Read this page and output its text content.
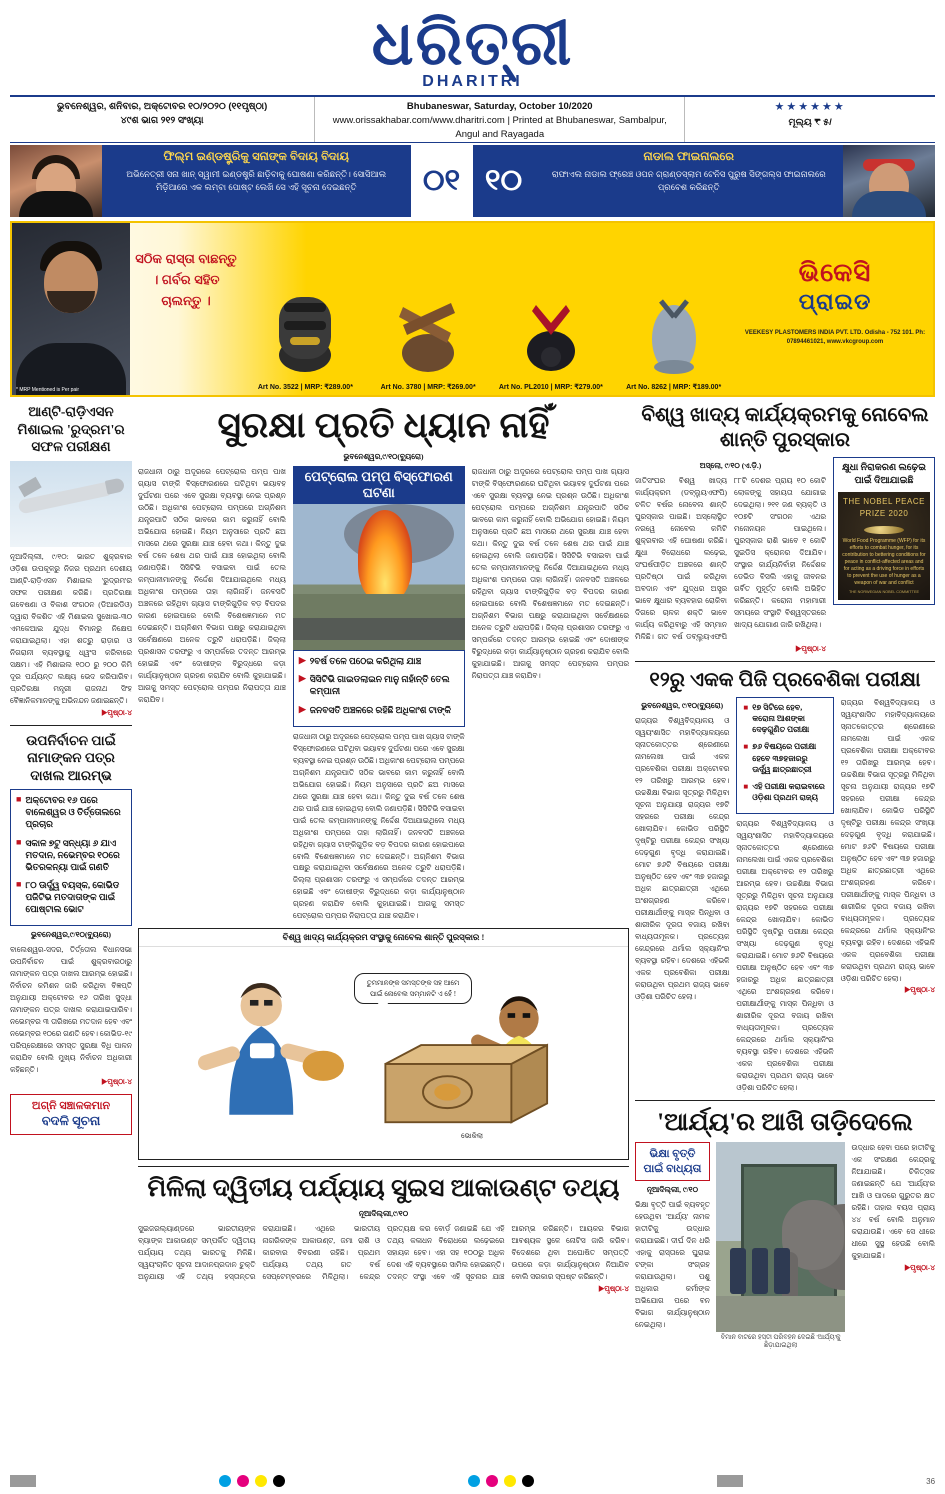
ଧରିତ୍ରୀ
DHARITRI
ଭୁବନେଶ୍ୱର, ଶନିବାର, ଅକ୍ଟୋବର ୧୦/୨୦୨୦ (୧୧ପୃଷ୍ଠା)
୪୯ଶ ଭାଗ ୨୧୨ ସଂଖ୍ୟା
Bhubaneswar, Saturday, October 10/2020
www.orissakhabar.com/www.dharitri.com | Printed at Bhubaneswar, Sambalpur, Angul and Rayagada
★★★★★★
ମୂଲ୍ୟ ₹ ୫/
ଫିଲ୍ମ ଇଣ୍ଡଷ୍ଟ୍ରିକୁ ସନାଙ୍କ ବିଦାୟ ବିଦାୟ
ଅଭିନେତ୍ରୀ ସନା ଖାନ୍ ସ୍ୱାମୀ ଇଣ୍ଡଷ୍ଟ୍ରି ଛାଡ଼ିବାକୁ ଘୋଷଣା କରିଛନ୍ତି। ସୋସିଆଲ ମିଡ଼ିଆରେ ଏକ ଲମ୍ବା ପୋଷ୍ଟ ଲେଖି ସେ ଏହି ସୂଚନା ଦେଇଛନ୍ତି	୦୧ ୧୦
ନାଡାଲ ଫାଇନାଲରେ
ରାଫାଏଲ ନାଡାଲ ଫ୍ରେଞ୍ଚ ଓପନ ଗ୍ରାଣ୍ଡସ୍ଲାମ ଟେନିସ ପୁରୁଷ ସିଙ୍ଗଲ୍ସ ଫାଇନାଲରେ ପ୍ରବେଶ କରିଛନ୍ତି
* MRP Mentioned is Per pair
ସଠିକ ରାସ୍ତା ବାଛନ୍ତୁ । ଗର୍ବର ସହିତ ଚାଲନ୍ତୁ ।
Art No. 3522 | MRP: ₹289.00*	Art No. 3780 | MRP: ₹269.00*	Art No. PL2010 | MRP: ₹279.00*	Art No. 8262 | MRP: ₹189.00*
ଭିକେସି
ପ୍ରାଇଡ
VEEKESY PLASTOMERS INDIA PVT. LTD. Odisha - 752 101. Ph: 07894461021, www.vkcgroup.com
ଆଣ୍ଟି-ରାଡ଼ିଏସନ ମିଶାଇଲ 'ରୁଦ୍ରମ'ର ସଫଳ ପରୀକ୍ଷଣ
ନୂଆଦିଲ୍ଲୀ, ୯/୧୦: ଭାରତ ଶୁକ୍ରବାର ଓଡ଼ିଶା ଉପକୂଳରୁ ନିଜର ପ୍ରଥମ ଦେଶୀୟ ଆଣ୍ଟି-ରାଡ଼ିଏସନ ମିଶାଇଲ 'ରୁଦ୍ରମ'ର ସଫଳ ପରୀକ୍ଷଣ କରିଛି। ପ୍ରତିରକ୍ଷା ଗବେଷଣା ଓ ବିକାଶ ସଂଗଠନ (ଡିଆରଡିଓ) ଦ୍ୱାରା ବିକଶିତ ଏହି ମିଶାଇଲ ସୁଖୋଇ-୩୦ ଏମକେଆଇ ଯୁଦ୍ଧ ବିମାନରୁ ନିକ୍ଷେପ କରାଯାଇଥିଲା। ଏହା ଶତ୍ରୁ ରାଡ଼ାର ଓ ନିଗରାନୀ ବ୍ୟବସ୍ଥାକୁ ଧ୍ୱଂସ କରିବାରେ ସକ୍ଷମ। ଏହି ମିଶାଇଲ ୧୦୦ ରୁ ୨୦୦ କିମି ଦୂର ପର୍ଯ୍ୟନ୍ତ ଲକ୍ଷ୍ୟ ଭେଦ କରିପାରିବ। ପ୍ରତିରକ୍ଷା ମନ୍ତ୍ରୀ ରାଜନାଥ ସିଂହ ବୈଜ୍ଞାନିକମାନଙ୍କୁ ଅଭିନନ୍ଦନ ଜଣାଇଛନ୍ତି।
▶ପୃଷ୍ଠା-୪
ଉପନିର୍ବାଚନ ପାଇଁ ନାମାଙ୍କନ ପତ୍ର ଦାଖଲ ଆରମ୍ଭ
■ ଅକ୍ଟୋବର ୧୬ ପରେ ବାଲେଶ୍ୱର ଓ ତିର୍ତ୍ତୋଲରେ ପ୍ରଚାର
■ ସକାଳ ୭ଟୁ ସନ୍ଧ୍ୟା ୬ ଯାଏ ମତଦାନ, ନଭେମ୍ବର ୧୦ରେ ଭିତରକନ୍ୟା ପାଇଁ ଗଣତି
■ ୮୦ ଊର୍ଦ୍ଧ୍ୱ ବୟସ୍କ, କୋଭିଡ ପଜିଟିଭ ମତଦାତାଙ୍କ ପାଇଁ ପୋଷ୍ଟାଲ ଭୋଟ
ଭୁବନେଶ୍ୱର,୯/୧୦(ବ୍ୟୁରୋ)
ବାଲେଶ୍ୱର-ସଦର, ତିର୍ତ୍ତୋଲ ବିଧାନସଭା ଉପନିର୍ବାଚନ ପାଇଁ ଶୁକ୍ରବାରଠାରୁ ନାମାଙ୍କନ ପତ୍ର ଦାଖଲ ଆରମ୍ଭ ହୋଇଛି। ନିର୍ବାଚନ କମିଶନ ଜାରି କରିଥିବା ବିଜ୍ଞପ୍ତି ଅନୁଯାୟୀ ଅକ୍ଟୋବର ୧୬ ତାରିଖ ସୁଦ୍ଧା ନାମାଙ୍କନ ପତ୍ର ଦାଖଲ କରାଯାଇପାରିବ। ନଭେମ୍ବର ୩ ତାରିଖରେ ମତଦାନ ହେବ ଏବଂ ନଭେମ୍ବର ୧୦ରେ ଗଣତି ହେବ। କୋଭିଡ-୧୯ ପରିପ୍ରେକ୍ଷୀରେ ସମସ୍ତ ସୁରକ୍ଷା ବିଧି ପାଳନ କରାଯିବ ବୋଲି ମୁଖ୍ୟ ନିର୍ବାଚନ ଅଧିକାରୀ କହିଛନ୍ତି।
▶ପୃଷ୍ଠା-୪
ଅଗ୍ନି ସଞ୍ଚାଳକମାନ
ବଦଳି ସୂଚନା
ସୁରକ୍ଷା ପ୍ରତି ଧ୍ୟାନ ନାହିଁ
ଭୁବନେଶ୍ୱର,୯/୧୦(ବ୍ୟୁରୋ)
ରାଜଧାନୀ ଠାରୁ ଅଦୂରରେ ପେଟ୍ରୋଲ ପମ୍ପ ପାଖ ଗ୍ୟାସ ଟାଙ୍କି ବିସ୍ଫୋରଣରେ ଘଟିଥିବା ଭୟାବହ ଦୁର୍ଘଟଣା ପରେ ଏବେ ସୁରକ୍ଷା ବ୍ୟବସ୍ଥା ନେଇ ପ୍ରଶ୍ନ ଉଠିଛି। ଅଧିକାଂଶ ପେଟ୍ରୋଲ ପମ୍ପରେ ଅଗ୍ନିଶମ ଯନ୍ତ୍ରପାତି ସଠିକ ଭାବରେ କାମ କରୁନାହିଁ ବୋଲି ଅଭିଯୋଗ ହୋଇଛି। ନିୟମ ଅନୁସାରେ ପ୍ରତି ଛଅ ମାସରେ ଥରେ ସୁରକ୍ଷା ଯାଞ୍ଚ ହେବା କଥା। କିନ୍ତୁ ଦୁଇ ବର୍ଷ ତଳେ ଶେଷ ଥର ପାଇଁ ଯାଞ୍ଚ ହୋଇଥିଲା ବୋଲି ଜଣାପଡ଼ିଛି। ସିସିଟିଭି ବସାଇବା ପାଇଁ ତେଲ କମ୍ପାନୀମାନଙ୍କୁ ନିର୍ଦ୍ଦେଶ ଦିଆଯାଇଥିଲେ ମଧ୍ୟ ଅଧିକାଂଶ ପମ୍ପରେ ତାହା ଲାଗିନାହିଁ। ଜନବସତି ଅଞ୍ଚଳରେ ରହିଥିବା ଗ୍ୟାସ ଟାଙ୍କିଗୁଡ଼ିକ ବଡ଼ ବିପଦର କାରଣ ହୋଇପାରେ ବୋଲି ବିଶେଷଜ୍ଞମାନେ ମତ ଦେଇଛନ୍ତି। ଅଗ୍ନିଶମ ବିଭାଗ ପକ୍ଷରୁ କରାଯାଇଥିବା ସର୍ବେକ୍ଷଣରେ ଅନେକ ତ୍ରୁଟି ଧରାପଡ଼ିଛି। ଜିଲ୍ଲା ପ୍ରଶାସନ ତରଫରୁ ଏ ସମ୍ପର୍କରେ ତଦନ୍ତ ଆରମ୍ଭ ହୋଇଛି ଏବଂ ଦୋଷୀଙ୍କ ବିରୁଦ୍ଧରେ କଡ଼ା କାର୍ଯ୍ୟାନୁଷ୍ଠାନ ଗ୍ରହଣ କରାଯିବ ବୋଲି କୁହାଯାଇଛି। ଆଗକୁ ସମସ୍ତ ପେଟ୍ରୋଲ ପମ୍ପର ନିରାପତ୍ତା ଯାଞ୍ଚ କରାଯିବ।
ପେଟ୍ରୋଲ ପମ୍ପ ବିସ୍ଫୋରଣ ଘଟଣା
▶ ୨ବର୍ଷ ତଳେ ପଠେଇ କରିଥିଲା ଯାଞ୍ଚ
▶ ସିସିଟିଭି ଗାଇଡଲାଇନ ମାନୁ ନାହାଁନ୍ତି ତେଲ କମ୍ପାନୀ
▶ ଜନବସତି ଅଞ୍ଚଳରେ ରହିଛି ଅଧିକାଂଶ ଟାଙ୍କି
ରାଜଧାନୀ ଠାରୁ ଅଦୂରରେ ପେଟ୍ରୋଲ ପମ୍ପ ପାଖ ଗ୍ୟାସ ଟାଙ୍କି ବିସ୍ଫୋରଣରେ ଘଟିଥିବା ଭୟାବହ ଦୁର୍ଘଟଣା ପରେ ଏବେ ସୁରକ୍ଷା ବ୍ୟବସ୍ଥା ନେଇ ପ୍ରଶ୍ନ ଉଠିଛି। ଅଧିକାଂଶ ପେଟ୍ରୋଲ ପମ୍ପରେ ଅଗ୍ନିଶମ ଯନ୍ତ୍ରପାତି ସଠିକ ଭାବରେ କାମ କରୁନାହିଁ ବୋଲି ଅଭିଯୋଗ ହୋଇଛି। ନିୟମ ଅନୁସାରେ ପ୍ରତି ଛଅ ମାସରେ ଥରେ ସୁରକ୍ଷା ଯାଞ୍ଚ ହେବା କଥା। କିନ୍ତୁ ଦୁଇ ବର୍ଷ ତଳେ ଶେଷ ଥର ପାଇଁ ଯାଞ୍ଚ ହୋଇଥିଲା ବୋଲି ଜଣାପଡ଼ିଛି। ସିସିଟିଭି ବସାଇବା ପାଇଁ ତେଲ କମ୍ପାନୀମାନଙ୍କୁ ନିର୍ଦ୍ଦେଶ ଦିଆଯାଇଥିଲେ ମଧ୍ୟ ଅଧିକାଂଶ ପମ୍ପରେ ତାହା ଲାଗିନାହିଁ। ଜନବସତି ଅଞ୍ଚଳରେ ରହିଥିବା ଗ୍ୟାସ ଟାଙ୍କିଗୁଡ଼ିକ ବଡ଼ ବିପଦର କାରଣ ହୋଇପାରେ ବୋଲି ବିଶେଷଜ୍ଞମାନେ ମତ ଦେଇଛନ୍ତି। ଅଗ୍ନିଶମ ବିଭାଗ ପକ୍ଷରୁ କରାଯାଇଥିବା ସର୍ବେକ୍ଷଣରେ ଅନେକ ତ୍ରୁଟି ଧରାପଡ଼ିଛି। ଜିଲ୍ଲା ପ୍ରଶାସନ ତରଫରୁ ଏ ସମ୍ପର୍କରେ ତଦନ୍ତ ଆରମ୍ଭ ହୋଇଛି ଏବଂ ଦୋଷୀଙ୍କ ବିରୁଦ୍ଧରେ କଡ଼ା କାର୍ଯ୍ୟାନୁଷ୍ଠାନ ଗ୍ରହଣ କରାଯିବ ବୋଲି କୁହାଯାଇଛି। ଆଗକୁ ସମସ୍ତ ପେଟ୍ରୋଲ ପମ୍ପର ନିରାପତ୍ତା ଯାଞ୍ଚ କରାଯିବ।
ରାଜଧାନୀ ଠାରୁ ଅଦୂରରେ ପେଟ୍ରୋଲ ପମ୍ପ ପାଖ ଗ୍ୟାସ ଟାଙ୍କି ବିସ୍ଫୋରଣରେ ଘଟିଥିବା ଭୟାବହ ଦୁର୍ଘଟଣା ପରେ ଏବେ ସୁରକ୍ଷା ବ୍ୟବସ୍ଥା ନେଇ ପ୍ରଶ୍ନ ଉଠିଛି। ଅଧିକାଂଶ ପେଟ୍ରୋଲ ପମ୍ପରେ ଅଗ୍ନିଶମ ଯନ୍ତ୍ରପାତି ସଠିକ ଭାବରେ କାମ କରୁନାହିଁ ବୋଲି ଅଭିଯୋଗ ହୋଇଛି। ନିୟମ ଅନୁସାରେ ପ୍ରତି ଛଅ ମାସରେ ଥରେ ସୁରକ୍ଷା ଯାଞ୍ଚ ହେବା କଥା। କିନ୍ତୁ ଦୁଇ ବର୍ଷ ତଳେ ଶେଷ ଥର ପାଇଁ ଯାଞ୍ଚ ହୋଇଥିଲା ବୋଲି ଜଣାପଡ଼ିଛି। ସିସିଟିଭି ବସାଇବା ପାଇଁ ତେଲ କମ୍ପାନୀମାନଙ୍କୁ ନିର୍ଦ୍ଦେଶ ଦିଆଯାଇଥିଲେ ମଧ୍ୟ ଅଧିକାଂଶ ପମ୍ପରେ ତାହା ଲାଗିନାହିଁ। ଜନବସତି ଅଞ୍ଚଳରେ ରହିଥିବା ଗ୍ୟାସ ଟାଙ୍କିଗୁଡ଼ିକ ବଡ଼ ବିପଦର କାରଣ ହୋଇପାରେ ବୋଲି ବିଶେଷଜ୍ଞମାନେ ମତ ଦେଇଛନ୍ତି। ଅଗ୍ନିଶମ ବିଭାଗ ପକ୍ଷରୁ କରାଯାଇଥିବା ସର୍ବେକ୍ଷଣରେ ଅନେକ ତ୍ରୁଟି ଧରାପଡ଼ିଛି। ଜିଲ୍ଲା ପ୍ରଶାସନ ତରଫରୁ ଏ ସମ୍ପର୍କରେ ତଦନ୍ତ ଆରମ୍ଭ ହୋଇଛି ଏବଂ ଦୋଷୀଙ୍କ ବିରୁଦ୍ଧରେ କଡ଼ା କାର୍ଯ୍ୟାନୁଷ୍ଠାନ ଗ୍ରହଣ କରାଯିବ ବୋଲି କୁହାଯାଇଛି। ଆଗକୁ ସମସ୍ତ ପେଟ୍ରୋଲ ପମ୍ପର ନିରାପତ୍ତା ଯାଞ୍ଚ କରାଯିବ।
ବିଶ୍ୱ ଖାଦ୍ୟ କାର୍ଯ୍ୟକ୍ରମ ସଂସ୍ଥାକୁ ନୋବେଲ ଶାନ୍ତି ପୁରସ୍କାର !
ତୁମମାନଙ୍କ ସମସ୍ତଙ୍କ ସହ ଆମେ ପାଇଁ ନୋବେଲ ସମ୍ମାନଟି ଏ ହେଁ !
ଭୋକିଲା
ମିଳିଲା ଦ୍ୱିତୀୟ ପର୍ଯ୍ୟାୟ ସୁଇସ ଆକାଉଣ୍ଟ ତଥ୍ୟ
ନୂଆଦିଲ୍ଲୀ,୯/୧୦
ସୁଇଜରଲ୍ୟାଣ୍ଡରେ ଭାରତୀୟଙ୍କ ବ୍ୟାଙ୍କ ଆକାଉଣ୍ଟ ସମ୍ପର୍କିତ ଦ୍ୱିତୀୟ ପର୍ଯ୍ୟାୟ ତଥ୍ୟ ଭାରତକୁ ମିଳିଛି। ସ୍ୱୟଂଚାଳିତ ସୂଚନା ଆଦାନପ୍ରଦାନ ଚୁକ୍ତି ଅନୁଯାୟୀ ଏହି ତଥ୍ୟ ହସ୍ତାନ୍ତର କରାଯାଇଛି। ଏଥିରେ ଭାରତୀୟ ନାଗରିକଙ୍କ ଆକାଉଣ୍ଟ, ଜମା ରାଶି ଓ କାରବାର ବିବରଣୀ ରହିଛି। ପ୍ରଥମ ପର୍ଯ୍ୟାୟ ତଥ୍ୟ ଗତ ବର୍ଷ ସେପ୍ଟେମ୍ବରରେ ମିଳିଥିଲା। କେନ୍ଦ୍ର ପ୍ରତ୍ୟକ୍ଷ କର ବୋର୍ଡ଼ ଜଣାଇଛି ଯେ ଏହି ତଥ୍ୟ କଳାଧନ ବିରୋଧରେ ଲଢ଼େଇରେ ସହାୟକ ହେବ। ଏହା ସହ ୧୦୦ରୁ ଅଧିକ ଦେଶ ଏହି ବ୍ୟବସ୍ଥାରେ ସାମିଲ ହୋଇଛନ୍ତି। ତଦନ୍ତ ସଂସ୍ଥା ଏବେ ଏହି ସୂଚନାର ଯାଞ୍ଚ ଆରମ୍ଭ କରିଛନ୍ତି। ଆୟକର ବିଭାଗ ଆବଶ୍ୟକ ସ୍ଥଳେ ନୋଟିସ ଜାରି କରିବ। ବିଦେଶରେ ଥିବା ଅଘୋଷିତ ସମ୍ପତ୍ତି ଉପରେ କଡ଼ା କାର୍ଯ୍ୟାନୁଷ୍ଠାନ ନିଆଯିବ ବୋଲି ସରକାର ସ୍ପଷ୍ଟ କରିଛନ୍ତି।
▶ପୃଷ୍ଠା-୪
ବିଶ୍ୱ ଖାଦ୍ୟ କାର୍ଯ୍ୟକ୍ରମକୁ ନୋବେଲ ଶାନ୍ତି ପୁରସ୍କାର
ଅସ୍ଲୋ, ୯/୧୦ (ଏ.ଡ଼ି.)
ଜାତିସଂଘର ବିଶ୍ୱ ଖାଦ୍ୟ କାର୍ଯ୍ୟକ୍ରମ (ଡବ୍ଲ୍ୟୁଏଫପି) ଚଳିତ ବର୍ଷର ନୋବେଲ ଶାନ୍ତି ପୁରସ୍କାର ପାଇଛି। ଅସ୍ଲୋସ୍ଥିତ ନରୱେ ନୋବେଲ କମିଟି ଶୁକ୍ରବାର ଏହି ଘୋଷଣା କରିଛି। କ୍ଷୁଧା ବିରୋଧରେ ଲଢ଼େଇ, ସଂଘର୍ଷପୀଡ଼ିତ ଅଞ୍ଚଳରେ ଶାନ୍ତି ପ୍ରତିଷ୍ଠା ପାଇଁ କରିଥିବା ଅବଦାନ ଏବଂ ଯୁଦ୍ଧର ଅସ୍ତ୍ର ଭାବେ କ୍ଷୁଧାର ବ୍ୟବହାର ରୋକିବା ଦିଗରେ ଚାଳକ ଶକ୍ତି ଭାବେ କାର୍ଯ୍ୟ କରିଥିବାରୁ ଏହି ସମ୍ମାନ ମିଳିଛି। ଗତ ବର୍ଷ ଡବ୍ଲ୍ୟୁଏଫପି ୮୮ଟି ଦେଶର ପ୍ରାୟ ୧୦ କୋଟି ଲୋକଙ୍କୁ ସହାୟତା ଯୋଗାଇ ଦେଇଥିଲା। ୨୧୧ ଜଣ ବ୍ୟକ୍ତି ଓ ୧୦୭ଟି ସଂଗଠନ ଏଥର ମନୋନୟନ ପାଇଥିଲେ। ପୁରସ୍କାର ରାଶି ଭାବେ ୧ କୋଟି ସୁଇଡିସ କ୍ରୋନର ଦିଆଯିବ। ସଂସ୍ଥାର କାର୍ଯ୍ୟନିର୍ବାହୀ ନିର୍ଦ୍ଦେଶକ ଡେଭିଡ ବିସଲି ଏହାକୁ ଜୀବନର ଗର୍ବିତ ମୁହୂର୍ତ୍ତ ବୋଲି ଅଭିହିତ କରିଛନ୍ତି। କରୋନା ମହାମାରୀ ସମୟରେ ସଂସ୍ଥାଟି ବିଶ୍ୱସ୍ତରରେ ଖାଦ୍ୟ ଯୋଗାଣ ଜାରି ରଖିଥିଲା।
▶ପୃଷ୍ଠା-୪
କ୍ଷୁଧା ନିରାକରଣ ଲଢ଼େଇ ପାଇଁ ଦିଆଯାଇଛି
THE NOBEL PEACE PRIZE 2020
World Food Programme (WFP) for its efforts to combat hunger, for its contribution to bettering conditions for peace in conflict-affected areas and for acting as a driving force in efforts to prevent the use of hunger as a weapon of war and conflict
THE NORWEGIAN NOBEL COMMITTEE
୧୨ରୁ ଏକକ ପିଜି ପ୍ରବେଶିକା ପରୀକ୍ଷା
ଭୁବନେଶ୍ୱର, ୯/୧୦(ବ୍ୟୁରୋ)
ରାଜ୍ୟର ବିଶ୍ୱବିଦ୍ୟାଳୟ ଓ ସ୍ୱୟଂଶାସିତ ମହାବିଦ୍ୟାଳୟରେ ସ୍ନାତକୋତ୍ତର ଶ୍ରେଣୀରେ ନାମଲେଖା ପାଇଁ ଏକକ ପ୍ରବେଶିକା ପରୀକ୍ଷା ଅକ୍ଟୋବର ୧୨ ତାରିଖରୁ ଆରମ୍ଭ ହେବ। ଉଚ୍ଚଶିକ୍ଷା ବିଭାଗ ସୂତ୍ରରୁ ମିଳିଥିବା ସୂଚନା ଅନୁଯାୟୀ ରାଜ୍ୟର ୧୭ଟି ସହରରେ ପରୀକ୍ଷା କେନ୍ଦ୍ର ଖୋଲାଯିବ। କୋଭିଡ ପରିସ୍ଥିତି ଦୃଷ୍ଟିରୁ ପରୀକ୍ଷା କେନ୍ଦ୍ର ସଂଖ୍ୟା ଦେଢ଼ଗୁଣ ବୃଦ୍ଧି କରାଯାଇଛି। ମୋଟ ୭୬ଟି ବିଷୟରେ ପରୀକ୍ଷା ଅନୁଷ୍ଠିତ ହେବ ଏବଂ ୩୭ ହଜାରରୁ ଅଧିକ ଛାତ୍ରଛାତ୍ରୀ ଏଥିରେ ଅଂଶଗ୍ରହଣ କରିବେ। ପରୀକ୍ଷାର୍ଥୀଙ୍କୁ ମାସ୍କ ପିନ୍ଧିବା ଓ ଶାରୀରିକ ଦୂରତା ବଜାୟ ରଖିବା ବାଧ୍ୟତାମୂଳକ। ପ୍ରତ୍ୟେକ କେନ୍ଦ୍ରରେ ଥର୍ମାଲ ସ୍କ୍ୟାନିଂର ବ୍ୟବସ୍ଥା ରହିବ। ଦେଶରେ ଏହିଭଳି ଏକକ ପ୍ରବେଶିକା ପରୀକ୍ଷା କରାଉଥିବା ପ୍ରଥମ ରାଜ୍ୟ ଭାବେ ଓଡ଼ିଶା ପରିଚିତ ହେଲା।
■ ୧୭ ସିଟିରେ ହେବ, କରୋନା ଆଶଙ୍କା ଦେଢ଼ଗୁଣିତ ପରୀକ୍ଷା
■ ୭୬ ବିଷୟରେ ପରୀକ୍ଷା ହେବେ ୩୭ହଜାରରୁ ଊର୍ଦ୍ଧ୍ୱ ଛାତ୍ରଛାତ୍ରୀ
■ ଏହି ପରୀକ୍ଷା କରାଇବାରେ ଓଡ଼ିଶା ପ୍ରଥମ ରାଜ୍ୟ
ରାଜ୍ୟର ବିଶ୍ୱବିଦ୍ୟାଳୟ ଓ ସ୍ୱୟଂଶାସିତ ମହାବିଦ୍ୟାଳୟରେ ସ୍ନାତକୋତ୍ତର ଶ୍ରେଣୀରେ ନାମଲେଖା ପାଇଁ ଏକକ ପ୍ରବେଶିକା ପରୀକ୍ଷା ଅକ୍ଟୋବର ୧୨ ତାରିଖରୁ ଆରମ୍ଭ ହେବ। ଉଚ୍ଚଶିକ୍ଷା ବିଭାଗ ସୂତ୍ରରୁ ମିଳିଥିବା ସୂଚନା ଅନୁଯାୟୀ ରାଜ୍ୟର ୧୭ଟି ସହରରେ ପରୀକ୍ଷା କେନ୍ଦ୍ର ଖୋଲାଯିବ। କୋଭିଡ ପରିସ୍ଥିତି ଦୃଷ୍ଟିରୁ ପରୀକ୍ଷା କେନ୍ଦ୍ର ସଂଖ୍ୟା ଦେଢ଼ଗୁଣ ବୃଦ୍ଧି କରାଯାଇଛି। ମୋଟ ୭୬ଟି ବିଷୟରେ ପରୀକ୍ଷା ଅନୁଷ୍ଠିତ ହେବ ଏବଂ ୩୭ ହଜାରରୁ ଅଧିକ ଛାତ୍ରଛାତ୍ରୀ ଏଥିରେ ଅଂଶଗ୍ରହଣ କରିବେ। ପରୀକ୍ଷାର୍ଥୀଙ୍କୁ ମାସ୍କ ପିନ୍ଧିବା ଓ ଶାରୀରିକ ଦୂରତା ବଜାୟ ରଖିବା ବାଧ୍ୟତାମୂଳକ। ପ୍ରତ୍ୟେକ କେନ୍ଦ୍ରରେ ଥର୍ମାଲ ସ୍କ୍ୟାନିଂର ବ୍ୟବସ୍ଥା ରହିବ। ଦେଶରେ ଏହିଭଳି ଏକକ ପ୍ରବେଶିକା ପରୀକ୍ଷା କରାଉଥିବା ପ୍ରଥମ ରାଜ୍ୟ ଭାବେ ଓଡ଼ିଶା ପରିଚିତ ହେଲା।
ରାଜ୍ୟର ବିଶ୍ୱବିଦ୍ୟାଳୟ ଓ ସ୍ୱୟଂଶାସିତ ମହାବିଦ୍ୟାଳୟରେ ସ୍ନାତକୋତ୍ତର ଶ୍ରେଣୀରେ ନାମଲେଖା ପାଇଁ ଏକକ ପ୍ରବେଶିକା ପରୀକ୍ଷା ଅକ୍ଟୋବର ୧୨ ତାରିଖରୁ ଆରମ୍ଭ ହେବ। ଉଚ୍ଚଶିକ୍ଷା ବିଭାଗ ସୂତ୍ରରୁ ମିଳିଥିବା ସୂଚନା ଅନୁଯାୟୀ ରାଜ୍ୟର ୧୭ଟି ସହରରେ ପରୀକ୍ଷା କେନ୍ଦ୍ର ଖୋଲାଯିବ। କୋଭିଡ ପରିସ୍ଥିତି ଦୃଷ୍ଟିରୁ ପରୀକ୍ଷା କେନ୍ଦ୍ର ସଂଖ୍ୟା ଦେଢ଼ଗୁଣ ବୃଦ୍ଧି କରାଯାଇଛି। ମୋଟ ୭୬ଟି ବିଷୟରେ ପରୀକ୍ଷା ଅନୁଷ୍ଠିତ ହେବ ଏବଂ ୩୭ ହଜାରରୁ ଅଧିକ ଛାତ୍ରଛାତ୍ରୀ ଏଥିରେ ଅଂଶଗ୍ରହଣ କରିବେ। ପରୀକ୍ଷାର୍ଥୀଙ୍କୁ ମାସ୍କ ପିନ୍ଧିବା ଓ ଶାରୀରିକ ଦୂରତା ବଜାୟ ରଖିବା ବାଧ୍ୟତାମୂଳକ। ପ୍ରତ୍ୟେକ କେନ୍ଦ୍ରରେ ଥର୍ମାଲ ସ୍କ୍ୟାନିଂର ବ୍ୟବସ୍ଥା ରହିବ। ଦେଶରେ ଏହିଭଳି ଏକକ ପ୍ରବେଶିକା ପରୀକ୍ଷା କରାଉଥିବା ପ୍ରଥମ ରାଜ୍ୟ ଭାବେ ଓଡ଼ିଶା ପରିଚିତ ହେଲା।
▶ପୃଷ୍ଠା-୪
'ଆର୍ଯ୍ୟ'ର ଆଖି ତାଡ଼ିଦେଲେ
ଭିକ୍ଷା ବୃତ୍ତି ପାଇଁ ବାଧ୍ୟତା
ନୂଆଦିଲ୍ଲୀ, ୯/୧୦
ଭିକ୍ଷା ବୃତ୍ତି ପାଇଁ ବ୍ୟବହୃତ ହେଉଥିବା 'ଆର୍ଯ୍ୟ' ନାମକ ହାତୀଟିକୁ ଉଦ୍ଧାର କରାଯାଇଛି। ଦୀର୍ଘ ଦିନ ଧରି ଏହାକୁ ରାସ୍ତାରେ ଘୁରାଇ ଟଙ୍କା ସଂଗ୍ରହ କରାଯାଉଥିଲା। ପଶୁ ଅଧିକାର କର୍ମୀଙ୍କ ଅଭିଯୋଗ ପରେ ବନ ବିଭାଗ କାର୍ଯ୍ୟାନୁଷ୍ଠାନ ନେଇଥିଲା।
ବିମାନ ବାଟରେ ହସ୍ତୀ ପରିବହନ ଦେଇଛି 'ଆର୍ଯ୍ୟ'କୁ ଛିଡ଼ାଯାଇଥିଲା
ଉଦ୍ଧାର ହେବା ପରେ ହାତୀଟିକୁ ଏକ ସଂରକ୍ଷଣ କେନ୍ଦ୍ରକୁ ନିଆଯାଇଛି। ଚିକିତ୍ସକ ଜଣାଇଛନ୍ତି ଯେ 'ଆର୍ଯ୍ୟ'ର ଆଖି ଓ ପାଦରେ ଗୁରୁତର କ୍ଷତ ରହିଛି। ତାହାର ବୟସ ପ୍ରାୟ ୪୪ ବର୍ଷ ବୋଲି ଅନୁମାନ କରାଯାଉଛି। ଏବେ ସେ ଧୀରେ ଧୀରେ ସୁସ୍ଥ ହେଉଛି ବୋଲି କୁହାଯାଇଛି।
▶ପୃଷ୍ଠା-୪
36
